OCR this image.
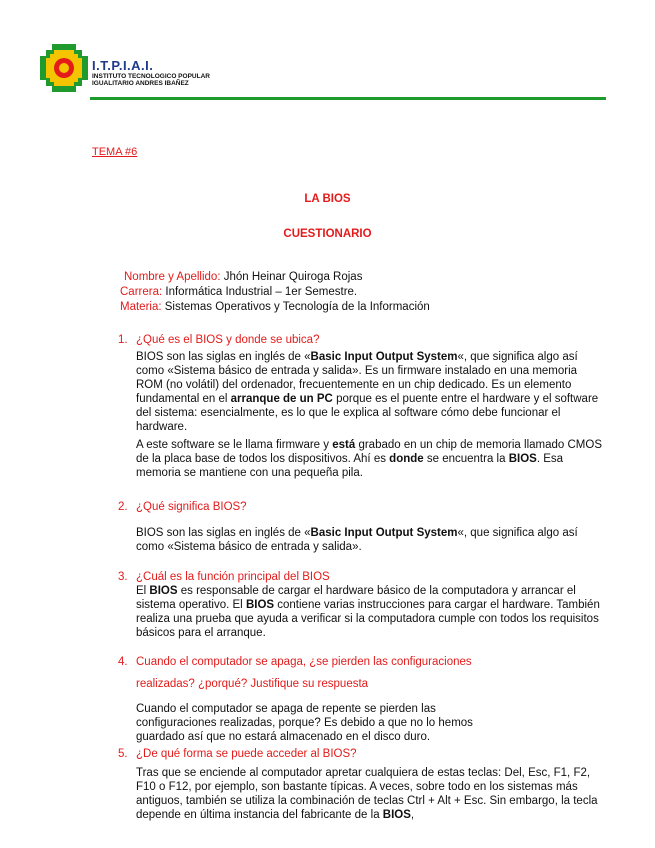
I.T.P.I.A.I.
INSTITUTO TECNOLOGICO POPULAR
IGUALITARIO ANDRES IBAÑEZ
TEMA #6
LA BIOS
CUESTIONARIO
Nombre y Apellido: Jhón Heinar Quiroga Rojas
Carrera: Informática Industrial – 1er Semestre.
Materia: Sistemas Operativos y Tecnología de la Información
1. ¿Qué es el BIOS y donde se ubica?

BIOS son las siglas en inglés de «Basic Input Output System«, que significa algo así como «Sistema básico de entrada y salida». Es un firmware instalado en una memoria ROM (no volátil) del ordenador, frecuentemente en un chip dedicado. Es un elemento fundamental en el arranque de un PC porque es el puente entre el hardware y el software del sistema: esencialmente, es lo que le explica al software cómo debe funcionar el hardware.

A este software se le llama firmware y está grabado en un chip de memoria llamado CMOS de la placa base de todos los dispositivos. Ahí es donde se encuentra la BIOS. Esa memoria se mantiene con una pequeña pila.

2. ¿Qué significa BIOS?

BIOS son las siglas en inglés de «Basic Input Output System«, que significa algo así como «Sistema básico de entrada y salida».

3. ¿Cuál es la función principal del BIOS

El BIOS es responsable de cargar el hardware básico de la computadora y arrancar el sistema operativo. El BIOS contiene varias instrucciones para cargar el hardware. También realiza una prueba que ayuda a verificar si la computadora cumple con todos los requisitos básicos para el arranque.

4. Cuando el computador se apaga, ¿se pierden las configuraciones
realizadas? ¿porqué? Justifique su respuesta

Cuando el computador se apaga de repente se pierden las configuraciones realizadas, porque? Es debido a que no lo hemos guardado así que no estará almacenado en el disco duro.

5. ¿De qué forma se puede acceder al BIOS?

Tras que se enciende al computador apretar cualquiera de estas teclas: Del, Esc, F1, F2, F10 o F12, por ejemplo, son bastante típicas. A veces, sobre todo en los sistemas más antiguos, también se utiliza la combinación de teclas Ctrl + Alt + Esc. Sin embargo, la tecla depende en última instancia del fabricante de la BIOS,
